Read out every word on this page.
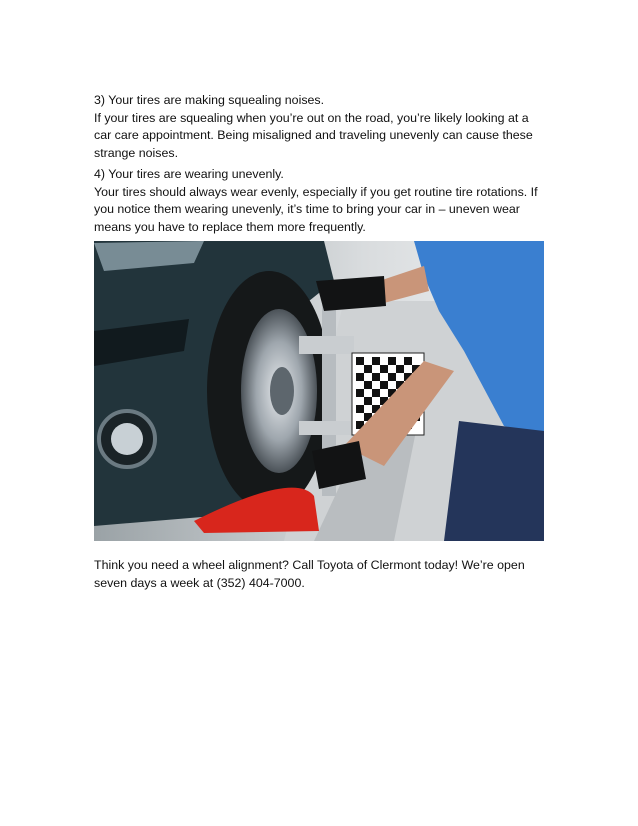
3) Your tires are making squealing noises.
If your tires are squealing when you’re out on the road, you’re likely looking at a
car care appointment. Being misaligned and traveling unevenly can cause these
strange noises.
4) Your tires are wearing unevenly.
Your tires should always wear evenly, especially if you get routine tire rotations. If
you notice them wearing unevenly, it’s time to bring your car in – uneven wear
means you have to replace them more frequently.
Think you need a wheel alignment? Call Toyota of Clermont today! We’re open
seven days a week at (352) 404-7000.
